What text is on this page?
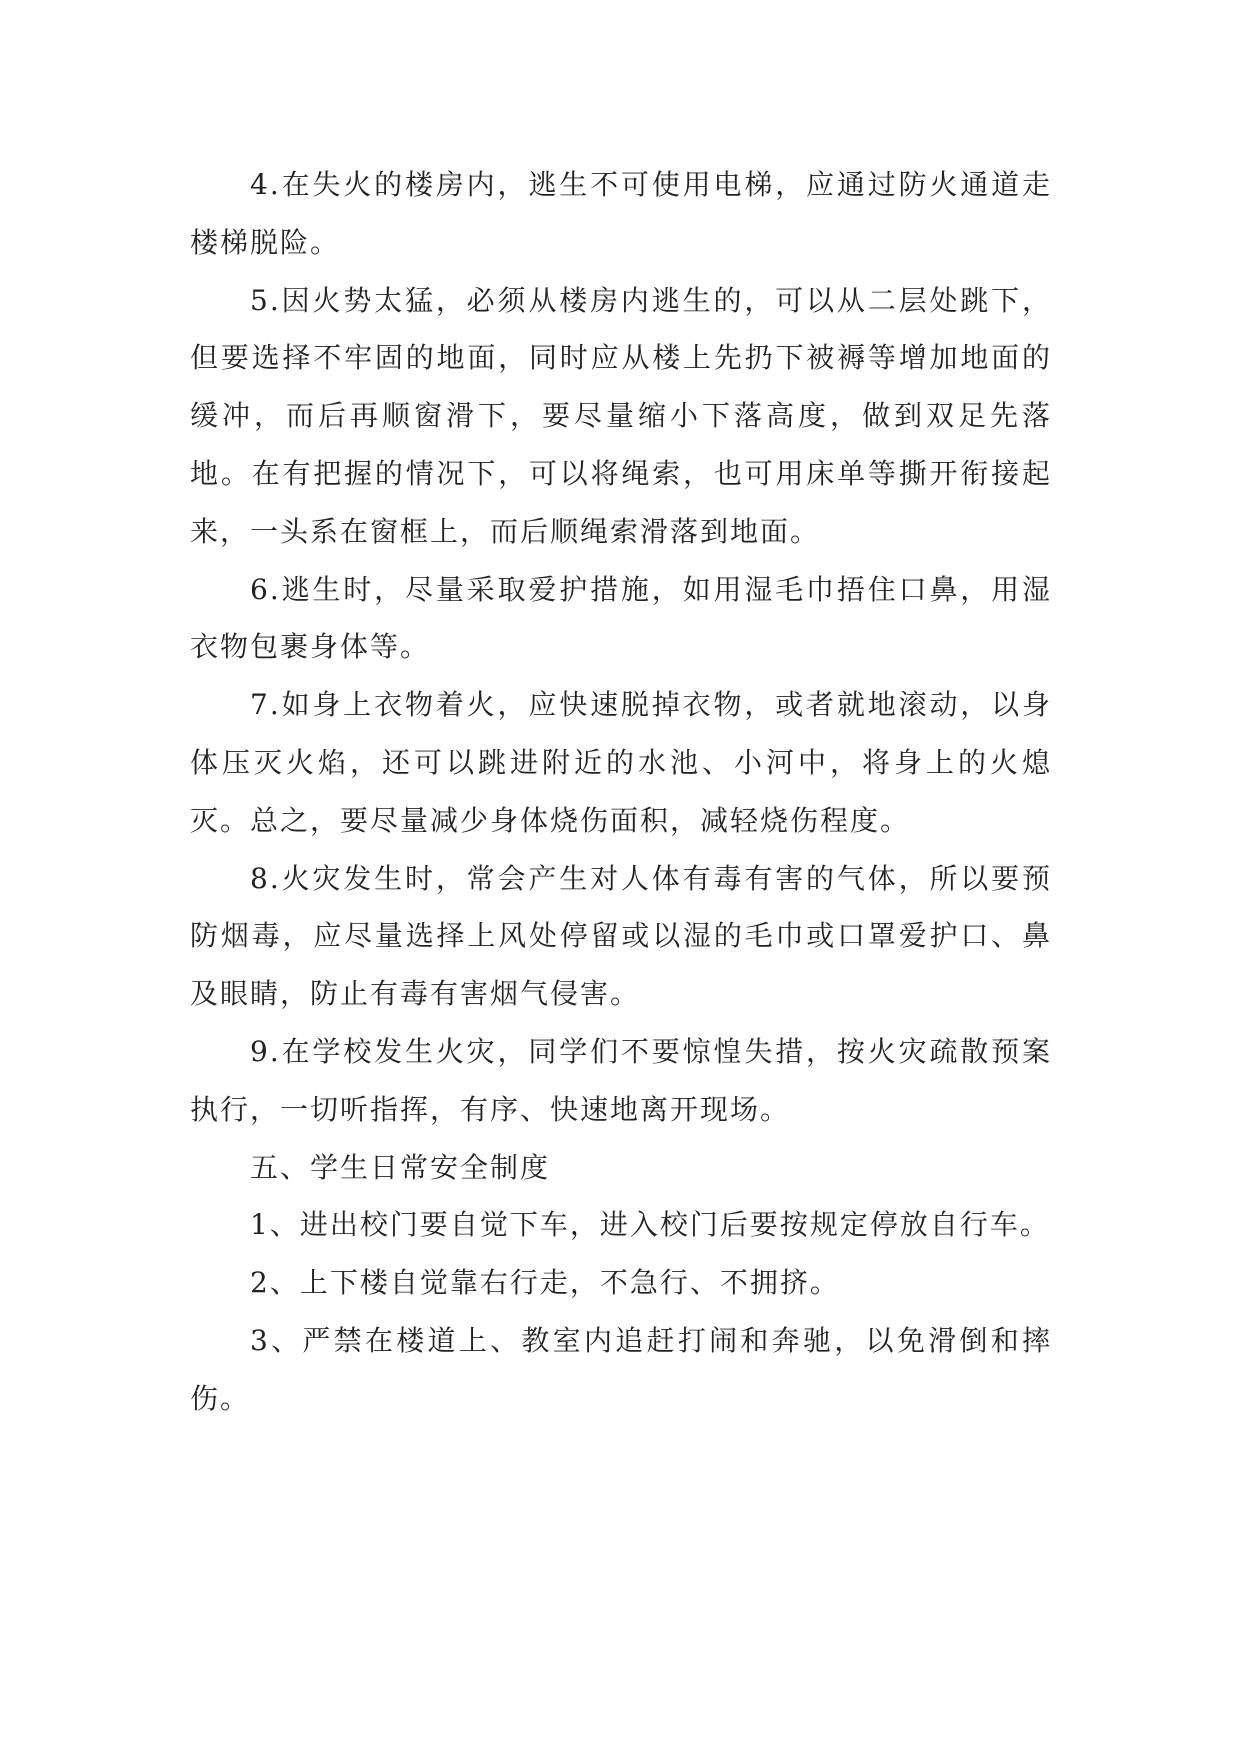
4.在失火的楼房内，逃生不可使用电梯，应通过防火通道走楼梯脱险。

5.因火势太猛，必须从楼房内逃生的，可以从二层处跳下，但要选择不牢固的地面，同时应从楼上先扔下被褥等增加地面的缓冲，而后再顺窗滑下，要尽量缩小下落高度，做到双足先落地。在有把握的情况下，可以将绳索，也可用床单等撕开衔接起来，一头系在窗框上，而后顺绳索滑落到地面。

6.逃生时，尽量采取爱护措施，如用湿毛巾捂住口鼻，用湿衣物包裹身体等。

7.如身上衣物着火，应快速脱掉衣物，或者就地滚动，以身体压灭火焰，还可以跳进附近的水池、小河中，将身上的火熄灭。总之，要尽量减少身体烧伤面积，减轻烧伤程度。

8.火灾发生时，常会产生对人体有毒有害的气体，所以要预防烟毒，应尽量选择上风处停留或以湿的毛巾或口罩爱护口、鼻及眼睛，防止有毒有害烟气侵害。

9.在学校发生火灾，同学们不要惊惶失措，按火灾疏散预案执行，一切听指挥，有序、快速地离开现场。

五、学生日常安全制度

1、进出校门要自觉下车，进入校门后要按规定停放自行车。

2、上下楼自觉靠右行走，不急行、不拥挤。

3、严禁在楼道上、教室内追赶打闹和奔驰，以免滑倒和摔伤。
